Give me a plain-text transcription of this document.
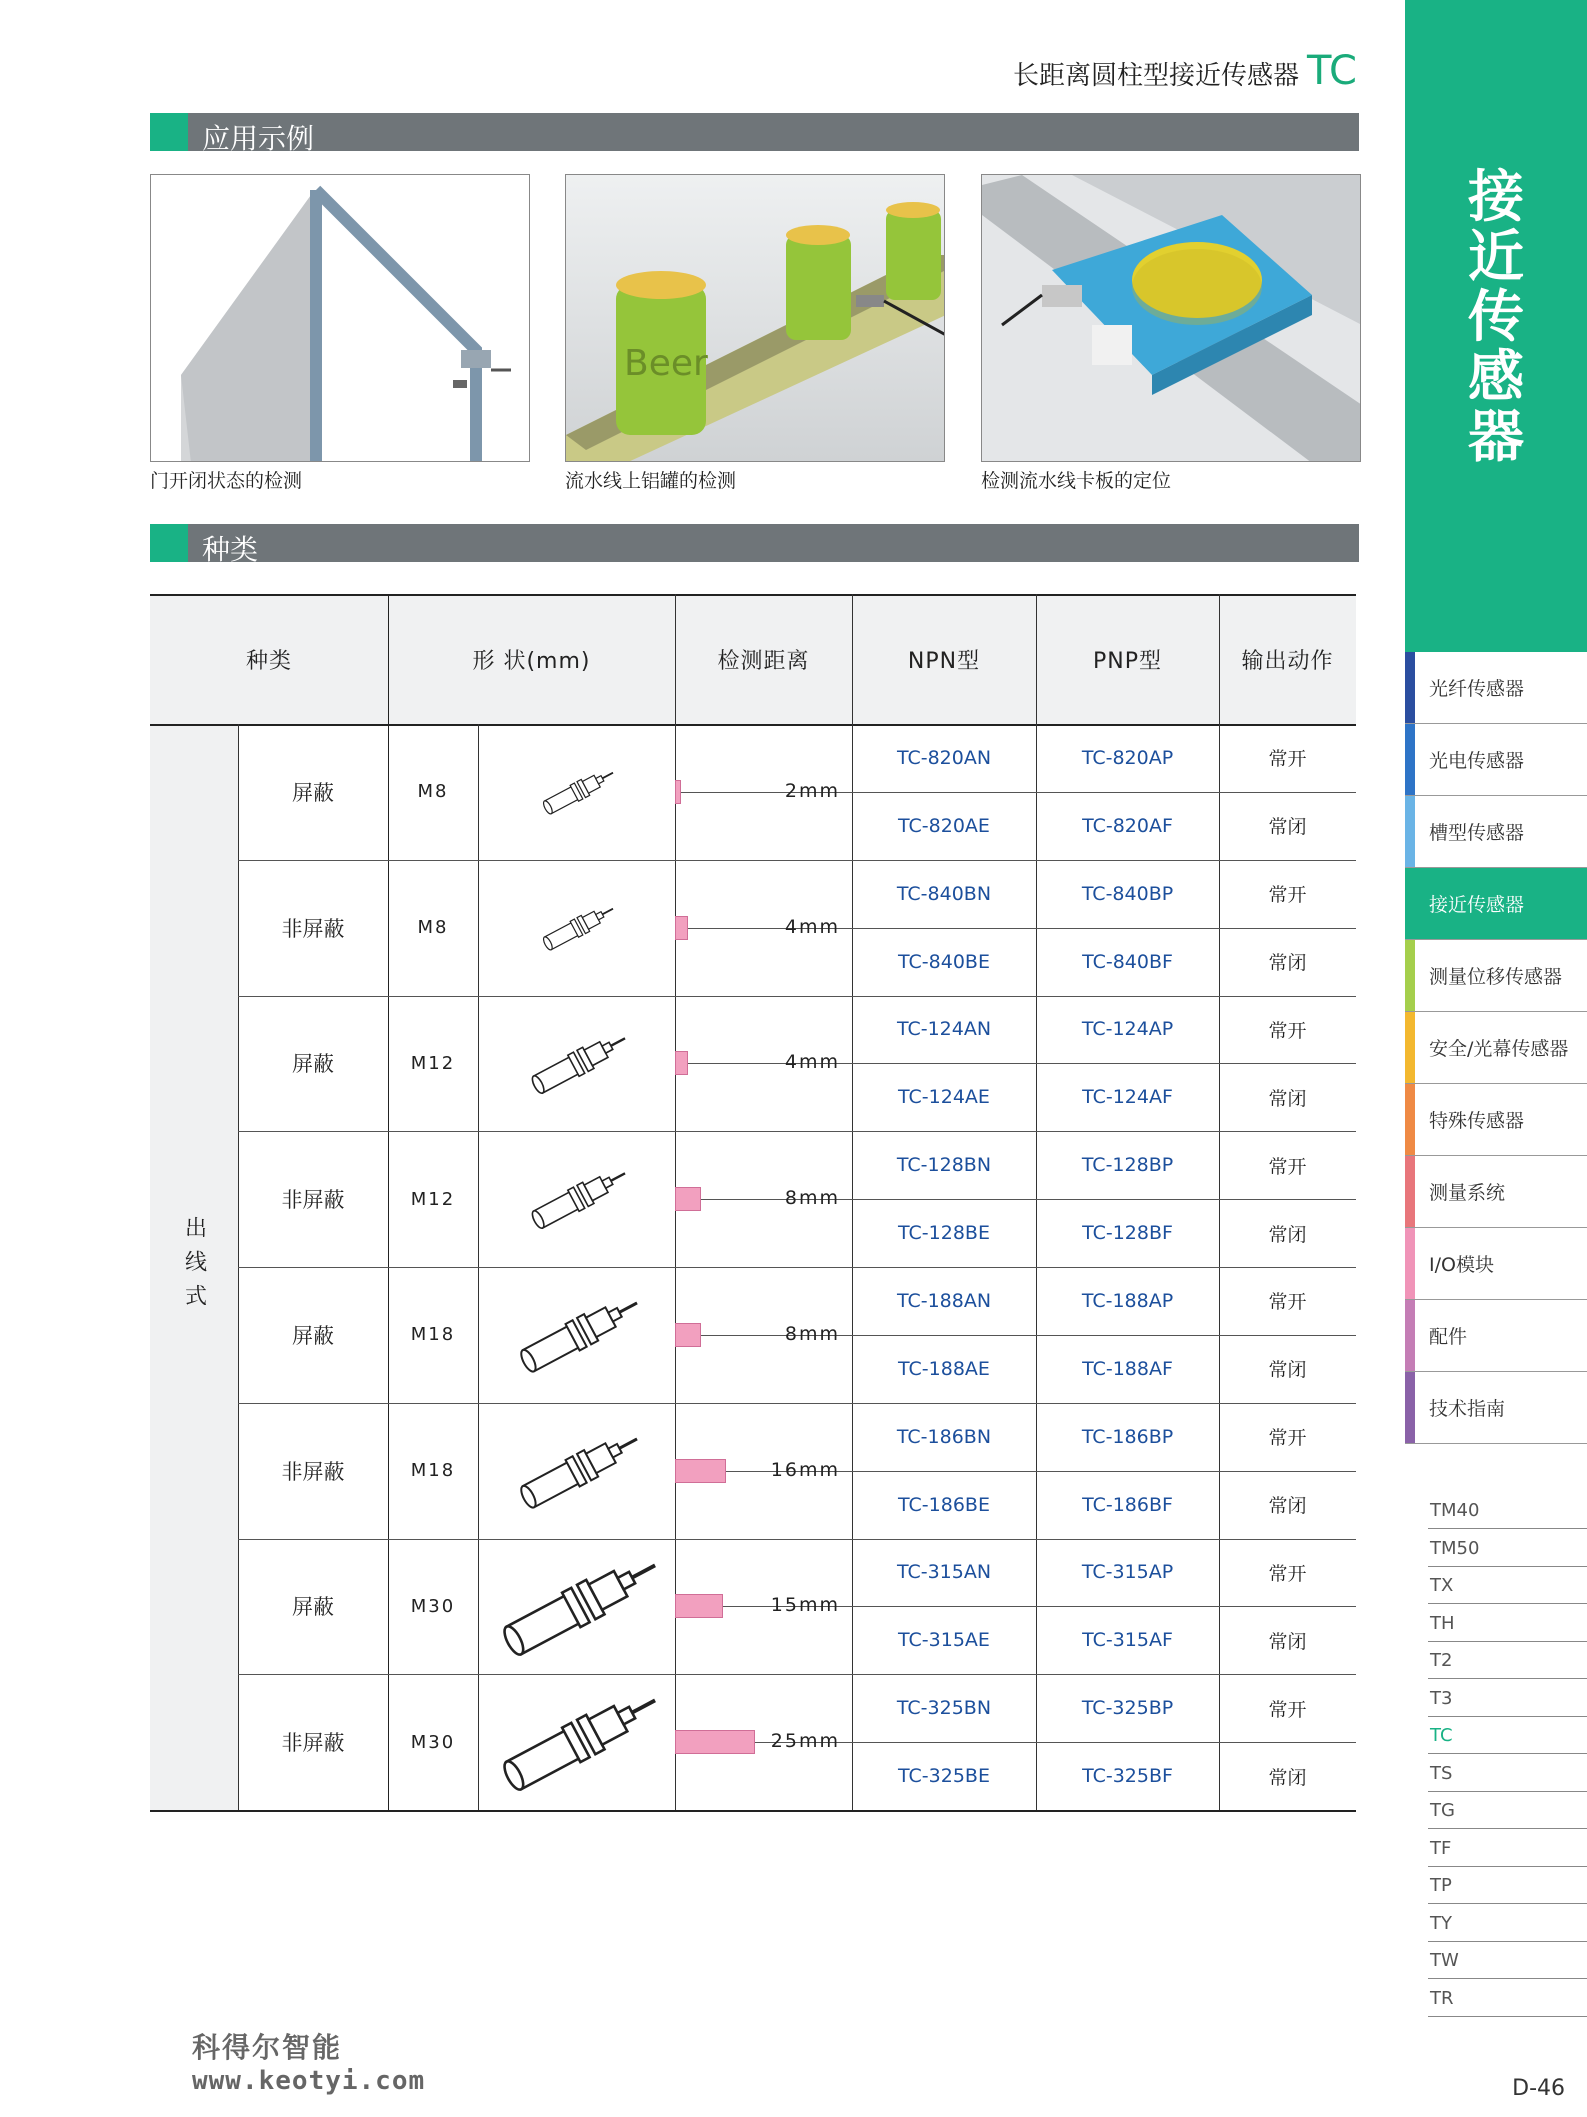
长距离圆柱型接近传感器 TC
应用示例
门开闭状态的检测
Beer
流水线上铝罐的检测	检测流水线卡板的定位
种类
种类	形 状(mm)	检测距离	NPN型	PNP型	输出动作
出线式
屏蔽	M8	2mm
TC-820AN	TC-820AP	常开
TC-820AE	TC-820AF	常闭
非屏蔽	M8	4mm
TC-840BN	TC-840BP	常开
TC-840BE	TC-840BF	常闭
屏蔽	M12	4mm
TC-124AN	TC-124AP	常开
TC-124AE	TC-124AF	常闭
非屏蔽	M12	8mm
TC-128BN	TC-128BP	常开
TC-128BE	TC-128BF	常闭
屏蔽	M18	8mm
TC-188AN	TC-188AP	常开
TC-188AE	TC-188AF	常闭
非屏蔽	M18	16mm
TC-186BN	TC-186BP	常开
TC-186BE	TC-186BF	常闭
屏蔽	M30	15mm
TC-315AN	TC-315AP	常开
TC-315AE	TC-315AF	常闭
非屏蔽	M30	25mm
TC-325BN	TC-325BP	常开
TC-325BE	TC-325BF	常闭
接
近
传
感
器
光纤传感器
光电传感器
槽型传感器
接近传感器
测量位移传感器
安全/光幕传感器
特殊传感器
测量系统
I/O模块
配件
技术指南
TM40
TM50
TX
TH
T2
T3
TC
TS
TG
TF
TP
TY
TW
TR
科得尔智能
www.keotyi.com	D-46
